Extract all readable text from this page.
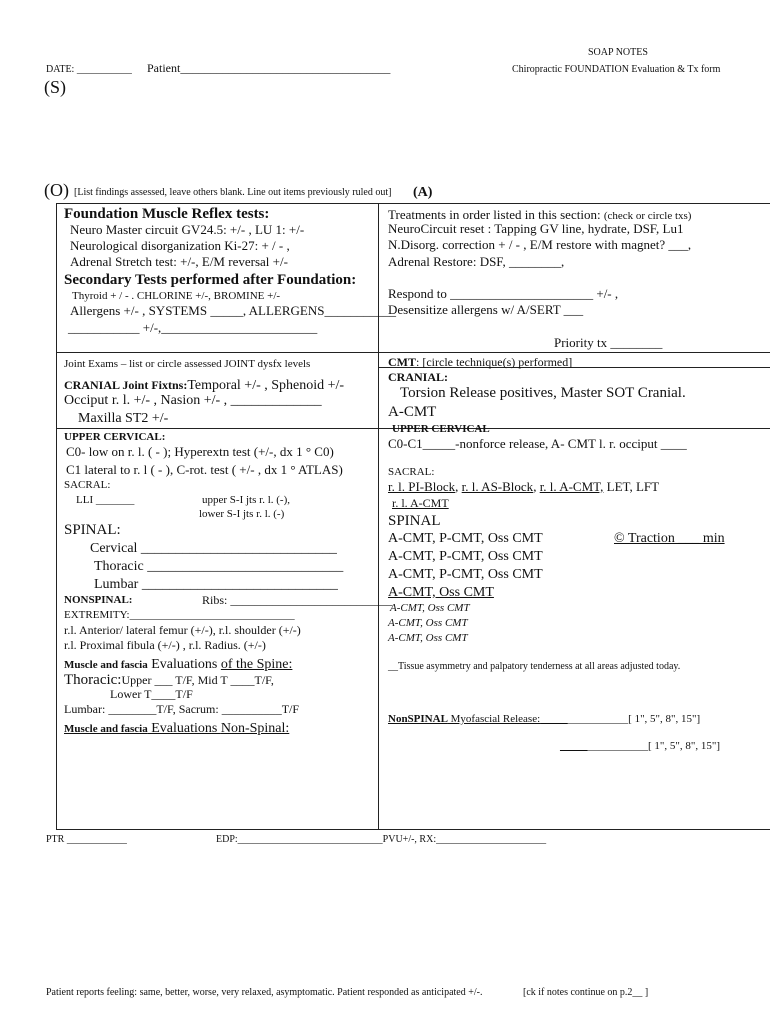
SOAP NOTES
Chiropractic FOUNDATION Evaluation & Tx form
DATE: ___________ Patient___________________________________
(S)
(O) [List findings assessed, leave others blank. Line out items previously ruled out] (A)
Foundation Muscle Reflex tests:
Neuro Master circuit GV24.5: +/- , LU 1: +/-
Neurological disorganization Ki-27: + / - ,
Adrenal Stretch test: +/-, E/M reversal +/-
Secondary Tests performed after Foundation:
Thyroid + / - . CHLORINE +/-, BROMINE +/-
Allergens +/- , SYSTEMS _____, ALLERGENS___________
___________ +/-,________________________
Joint Exams – list or circle assessed JOINT dysfx levels
CRANIAL Joint Fixtns:Temporal +/- , Sphenoid +/-
Occiput r. l. +/- , Nasion +/- , _____________
Maxilla ST2 +/-
UPPER CERVICAL:
C0- low on r. l. ( - ); Hyperextn test (+/-, dx 1 ° C0)
C1 lateral to r. l ( - ), C-rot. test ( +/- , dx 1 ° ATLAS)
SACRAL:
LLI _______	upper S-I jts r. l. (-),
lower S-I jts r. l. (-)
SPINAL:
Cervical ____________________________
Thoracic ____________________________
Lumbar ____________________________
NONSPINAL:	Ribs: ___________________________
EXTREMITY:______________________________
r.l. Anterior/ lateral femur (+/-), r.l. shoulder (+/-)
r.l. Proximal fibula (+/-) , r.l. Radius. (+/-)
Muscle and fascia Evaluations of the Spine:
Thoracic:Upper ___ T/F, Mid T ____T/F,
Lower T____T/F
Lumbar: ________T/F, Sacrum: __________T/F
Muscle and fascia Evaluations Non-Spinal:
Treatments in order listed in this section: (check or circle txs)
NeuroCircuit reset : Tapping GV line, hydrate, DSF, Lu1
N.Disorg. correction + / - , E/M restore with magnet? ___,
Adrenal Restore: DSF, ________,
Respond to ______________________ +/- ,
Desensitize allergens w/ A/SERT ___
Priority tx ________
CMT: [circle technique(s) performed]
CRANIAL:
Torsion Release positives, Master SOT Cranial.
A-CMT
UPPER CERVICAL
C0-C1_____-nonforce release, A- CMT l. r. occiput ____
SACRAL:
r. l. PI-Block, r. l. AS-Block, r. l. A-CMT, LET, LFT
r. l. A-CMT
SPINAL
A-CMT, P-CMT, Oss CMT	© Traction ___ min
A-CMT, P-CMT, Oss CMT
A-CMT, P-CMT, Oss CMT
A-CMT, Oss CMT
A-CMT, Oss CMT
A-CMT, Oss CMT
A-CMT, Oss CMT
__Tissue asymmetry and palpatory tenderness at all areas adjusted today.
NonSPINAL Myofascial Release:________________[ 1", 5", 8", 15"]
________________[ 1", 5", 8", 15"]
PTR ____________	EDP:_____________________________PVU+/-, RX:______________________
Patient reports feeling: same, better, worse, very relaxed, asymptomatic. Patient responded as anticipated +/-.	[ck if notes continue on p.2__ ]
